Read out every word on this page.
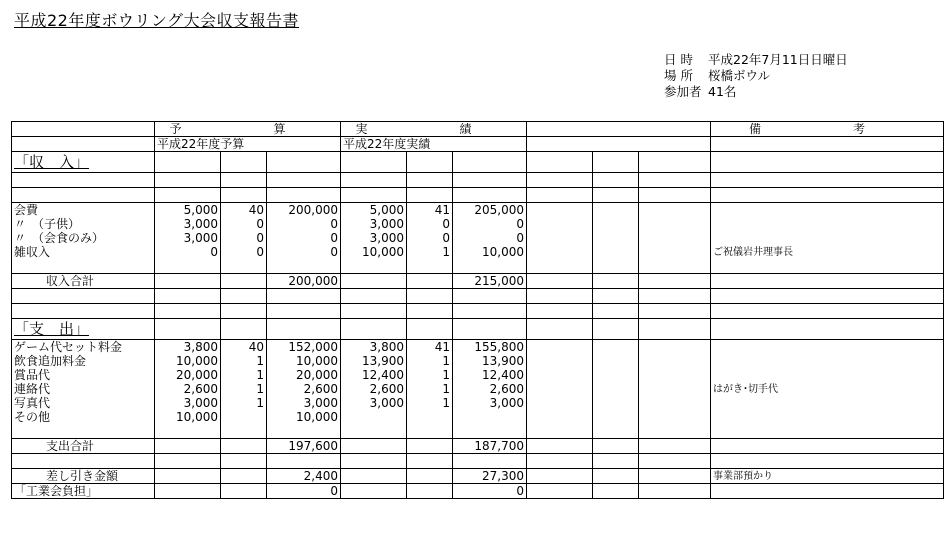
平成22年度ボウリング大会収支報告書
日 時	平成22年7月11日日曜日
場 所	桜橋ボウル
参加者 41名
	予　算			実　績						備　考
	平成22年度予算			平成22年度実績						
「収　入」										

会費	5,000	40	200,000	5,000	41	205,000				
〃　（子供）	3,000	0	0	3,000	0	0				
〃　（会食のみ）	3,000	0	0	3,000	0	0				
雑収入	0	0	0	10,000	1	10,000				ご祝儀岩井理事長

収入合計			200,000			215,000				

「支　出」										
ゲーム代セット料金	3,800	40	152,000	3,800	41	155,800				
飲食追加料金	10,000	1	10,000	13,900	1	13,900				
賞品代	20,000	1	20,000	12,400	1	12,400				
連絡代	2,600	1	2,600	2,600	1	2,600				はがき･切手代
写真代	3,000	1	3,000	3,000	1	3,000				
その他	10,000		10,000							

支出合計			197,600			187,700				

差し引き金額			2,400			27,300				事業部預かり
「工業会負担」			0			0				
